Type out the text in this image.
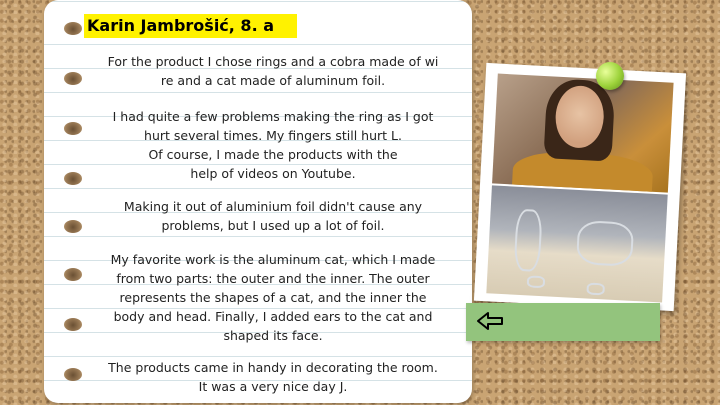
Karin Jambrošić, 8. a
For the product I chose rings and a cobra made of wi
re and a cat made of aluminum foil.
I had quite a few problems making the ring as I got
hurt several times. My fingers still hurt L.
Of course, I made the products with the
help of videos on Youtube.
Making it out of aluminium foil didn't cause any
problems, but I used up a lot of foil.
My favorite work is the aluminum cat, which I made
from two parts: the outer and the inner. The outer
represents the shapes of a cat, and the inner the
body and head. Finally, I added ears to the cat and
shaped its face.
The products came in handy in decorating the room.
It was a very nice day J.
